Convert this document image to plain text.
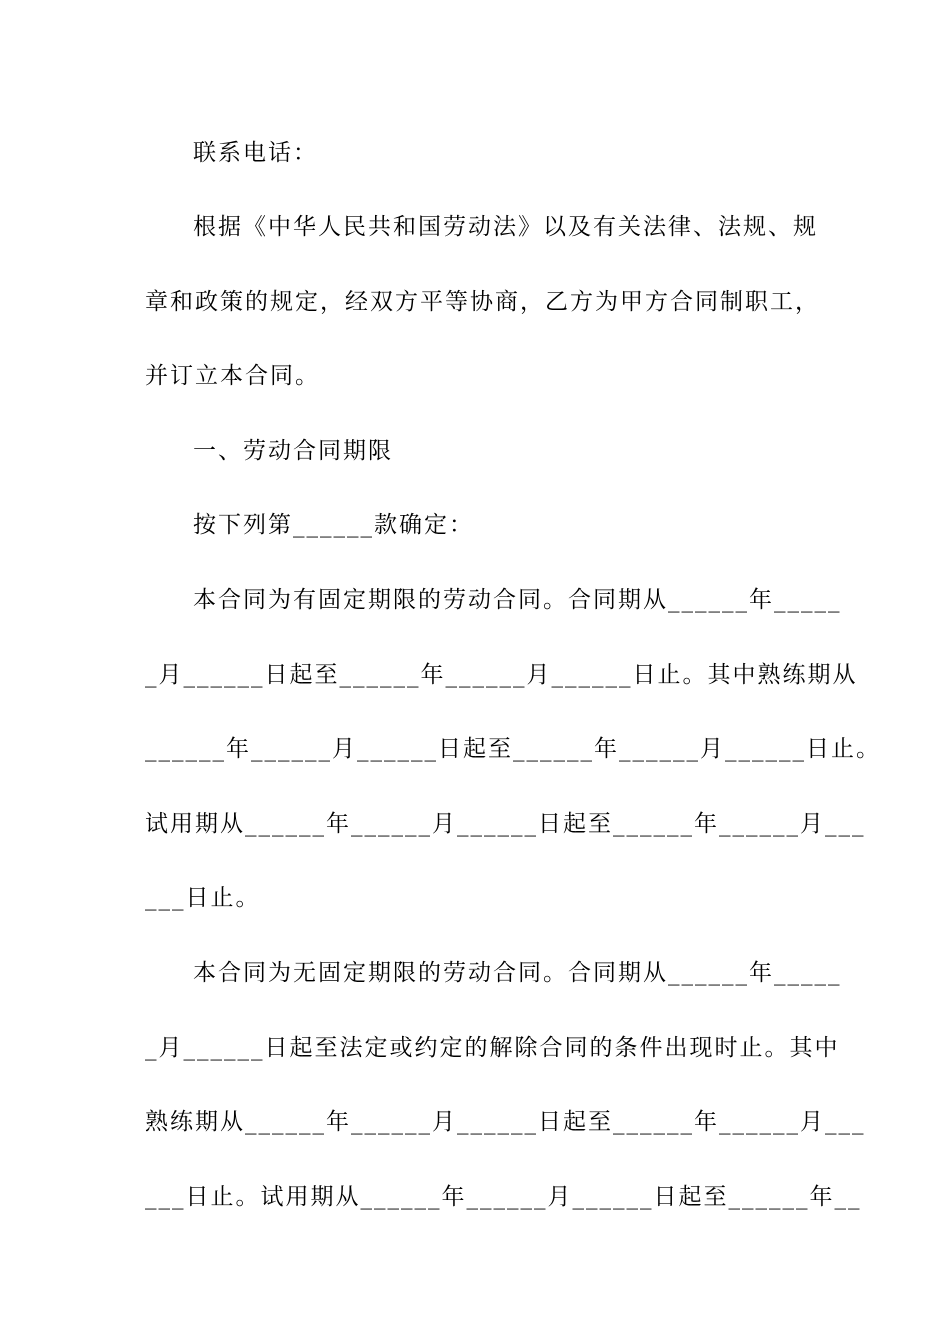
联系电话：
根据《中华人民共和国劳动法》以及有关法律、法规、规
章和政策的规定，经双方平等协商，乙方为甲方合同制职工，
并订立本合同。
一、劳动合同期限
按下列第______款确定：
本合同为有固定期限的劳动合同。合同期从______年_____
_月______日起至______年______月______日止。其中熟练期从
______年______月______日起至______年______月______日止。
试用期从______年______月______日起至______年______月___
___日止。
本合同为无固定期限的劳动合同。合同期从______年_____
_月______日起至法定或约定的解除合同的条件出现时止。其中
熟练期从______年______月______日起至______年______月___
___日止。试用期从______年______月______日起至______年__
